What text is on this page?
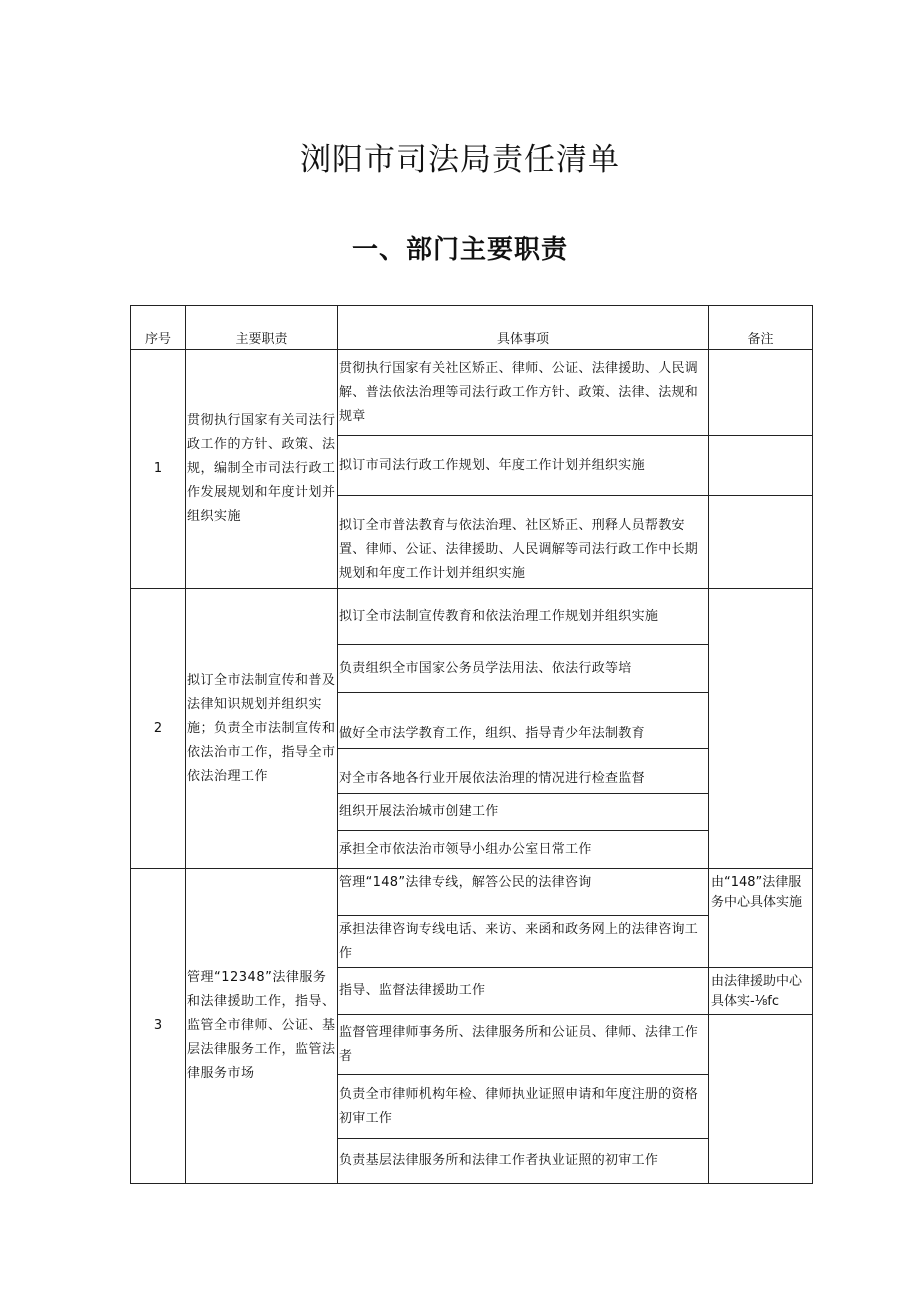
浏阳市司法局责任清单
一、部门主要职责
序号	主要职责	具体事项	备注
1	贯彻执行国家有关司法行政工作的方针、政策、法规，编制全市司法行政工作发展规划和年度计划并组织实施	贯彻执行国家有关社区矫正、律师、公证、法律援助、人民调解、普法依法治理等司法行政工作方针、政策、法律、法规和规章	
		拟订市司法行政工作规划、年度工作计划并组织实施	
		拟订全市普法教育与依法治理、社区矫正、刑释人员帮教安置、律师、公证、法律援助、人民调解等司法行政工作中长期规划和年度工作计划并组织实施	
2	拟订全市法制宣传和普及法律知识规划并组织实施；负责全市法制宣传和依法治市工作，指导全市依法治理工作	拟订全市法制宣传教育和依法治理工作规划并组织实施	
		负责组织全市国家公务员学法用法、依法行政等培	
		做好全市法学教育工作，组织、指导青少年法制教育	
		对全市各地各行业开展依法治理的情况进行检查监督	
		组织开展法治城市创建工作	
		承担全市依法治市领导小组办公室日常工作	
3	管理“12348”法律服务和法律援助工作，指导、监管全市律师、公证、基层法律服务工作，监管法律服务市场	管理“148”法律专线，解答公民的法律咨询	由“148”法律服务中心具体实施
		承担法律咨询专线电话、来访、来函和政务网上的法律咨询工作	
		指导、监督法律援助工作	由法律援助中心具体实-⅛fc
		监督管理律师事务所、法律服务所和公证员、律师、法律工作者	
		负责全市律师机构年检、律师执业证照申请和年度注册的资格初审工作	
		负责基层法律服务所和法律工作者执业证照的初审工作	
